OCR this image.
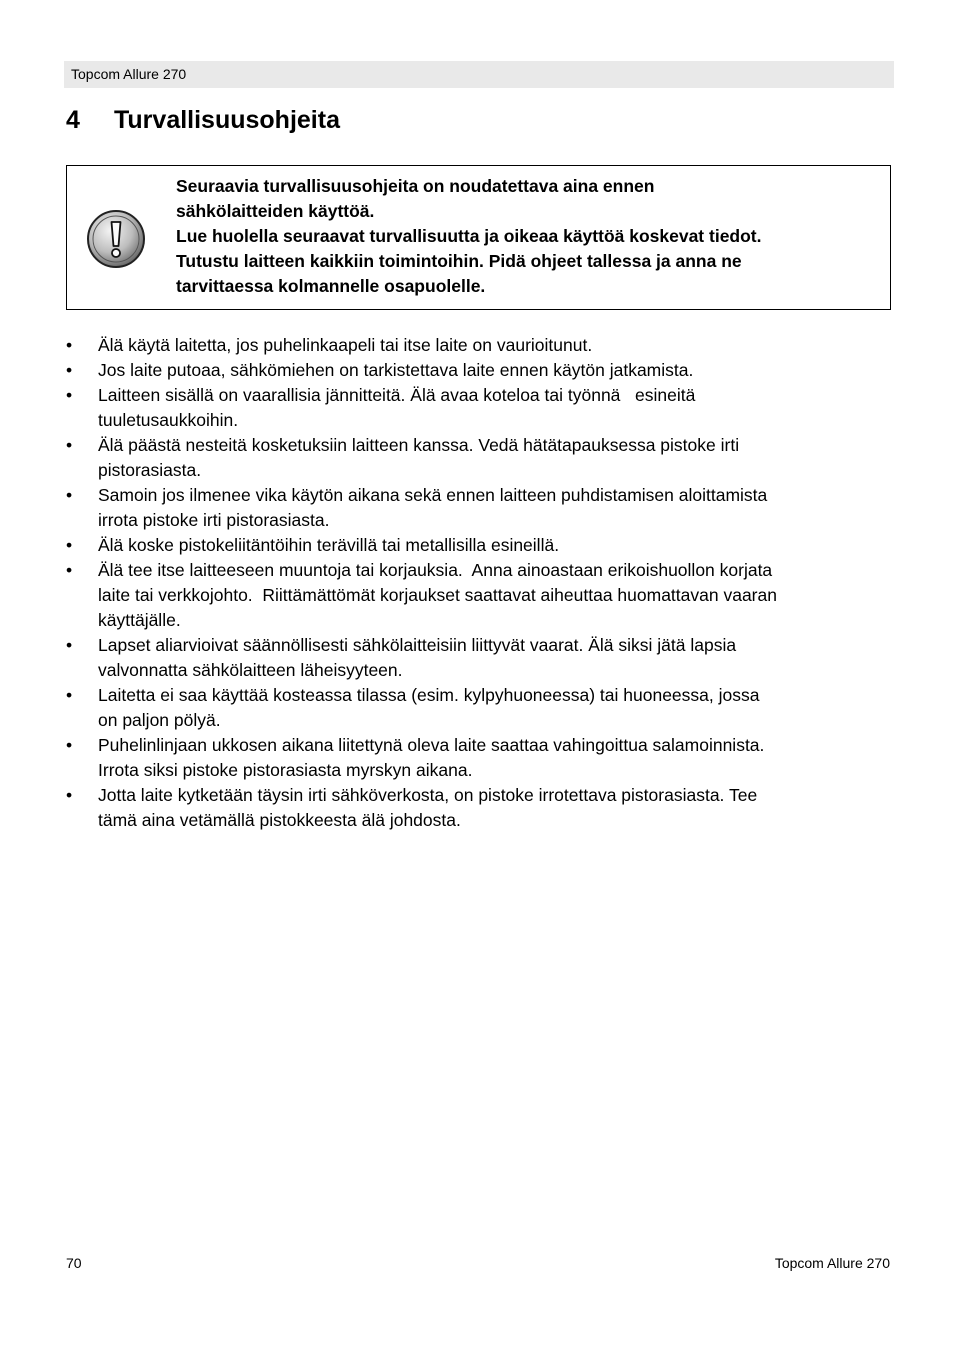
Topcom Allure 270
4 Turvallisuusohjeita

Seuraavia turvallisuusohjeita on noudatettava aina ennen

sähkölaitteiden käyttöä.

Lue huolella seuraavat turvallisuutta ja oikeaa käyttöä koskevat tiedot.

Tutustu laitteen kaikkiin toimintoihin. Pidä ohjeet tallessa ja anna ne

tarvittaessa kolmannelle osapuolelle.

• Älä käytä laitetta, jos puhelinkaapeli tai itse laite on vaurioitunut.
• Jos laite putoaa, sähkömiehen on tarkistettava laite ennen käytön jatkamista.
• Laitteen sisällä on vaarallisia jännitteitä. Älä avaa koteloa tai työnnä   esineitä
tuuletusaukkoihin.
• Älä päästä nesteitä kosketuksiin laitteen kanssa. Vedä hätätapauksessa pistoke irti
pistorasiasta.
• Samoin jos ilmenee vika käytön aikana sekä ennen laitteen puhdistamisen aloittamista
irrota pistoke irti pistorasiasta.
• Älä koske pistokeliitäntöihin terävillä tai metallisilla esineillä.
• Älä tee itse laitteeseen muuntoja tai korjauksia.  Anna ainoastaan erikoishuollon korjata
laite tai verkkojohto.  Riittämättömät korjaukset saattavat aiheuttaa huomattavan vaaran
käyttäjälle.
• Lapset aliarvioivat säännöllisesti sähkölaitteisiin liittyvät vaarat. Älä siksi jätä lapsia
valvonnatta sähkölaitteen läheisyyteen.
• Laitetta ei saa käyttää kosteassa tilassa (esim. kylpyhuoneessa) tai huoneessa, jossa
on paljon pölyä.
• Puhelinlinjaan ukkosen aikana liitettynä oleva laite saattaa vahingoittua salamoinnista.
Irrota siksi pistoke pistorasiasta myrskyn aikana.
• Jotta laite kytketään täysin irti sähköverkosta, on pistoke irrotettava pistorasiasta. Tee
tämä aina vetämällä pistokkeesta älä johdosta.
70	Topcom Allure 270
